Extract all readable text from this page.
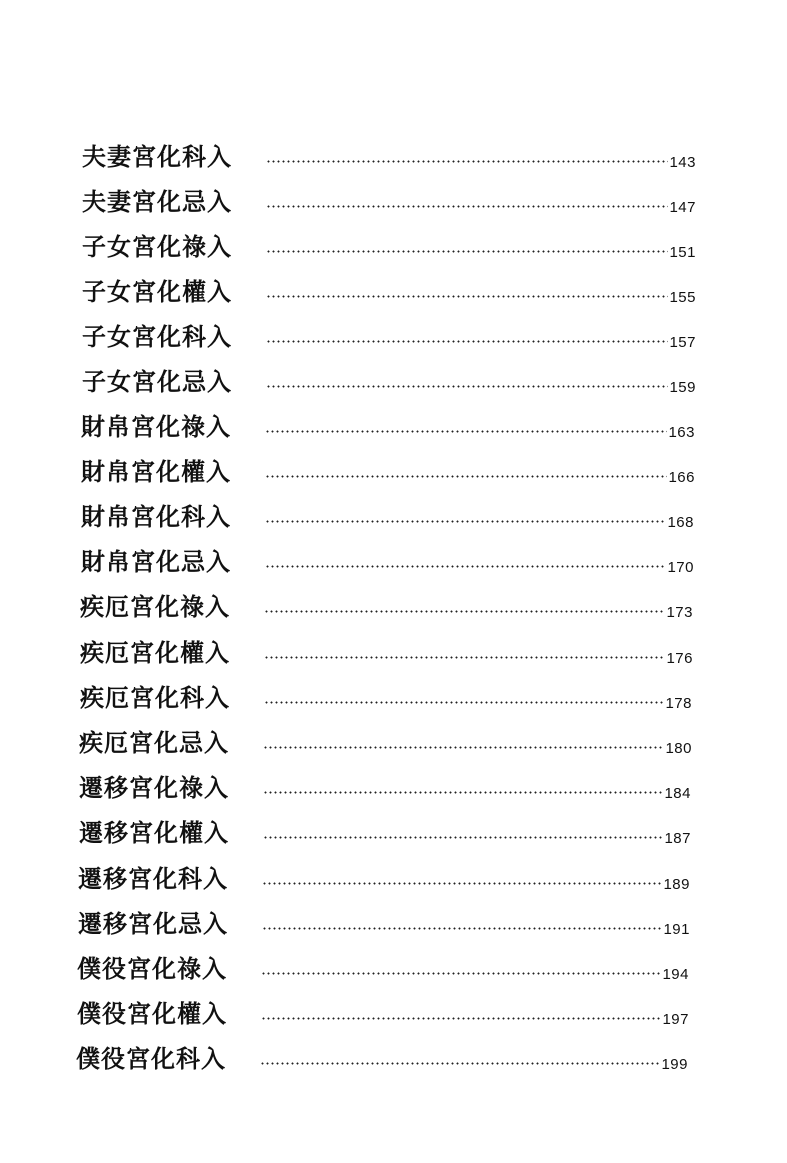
夫妻宮化科入	143
夫妻宮化忌入	147
子女宮化祿入	151
子女宮化權入	155
子女宮化科入	157
子女宮化忌入	159
財帛宮化祿入	163
財帛宮化權入	166
財帛宮化科入	168
財帛宮化忌入	170
疾厄宮化祿入	173
疾厄宮化權入	176
疾厄宮化科入	178
疾厄宮化忌入	180
遷移宮化祿入	184
遷移宮化權入	187
遷移宮化科入	189
遷移宮化忌入	191
僕役宮化祿入	194
僕役宮化權入	197
僕役宮化科入	199
